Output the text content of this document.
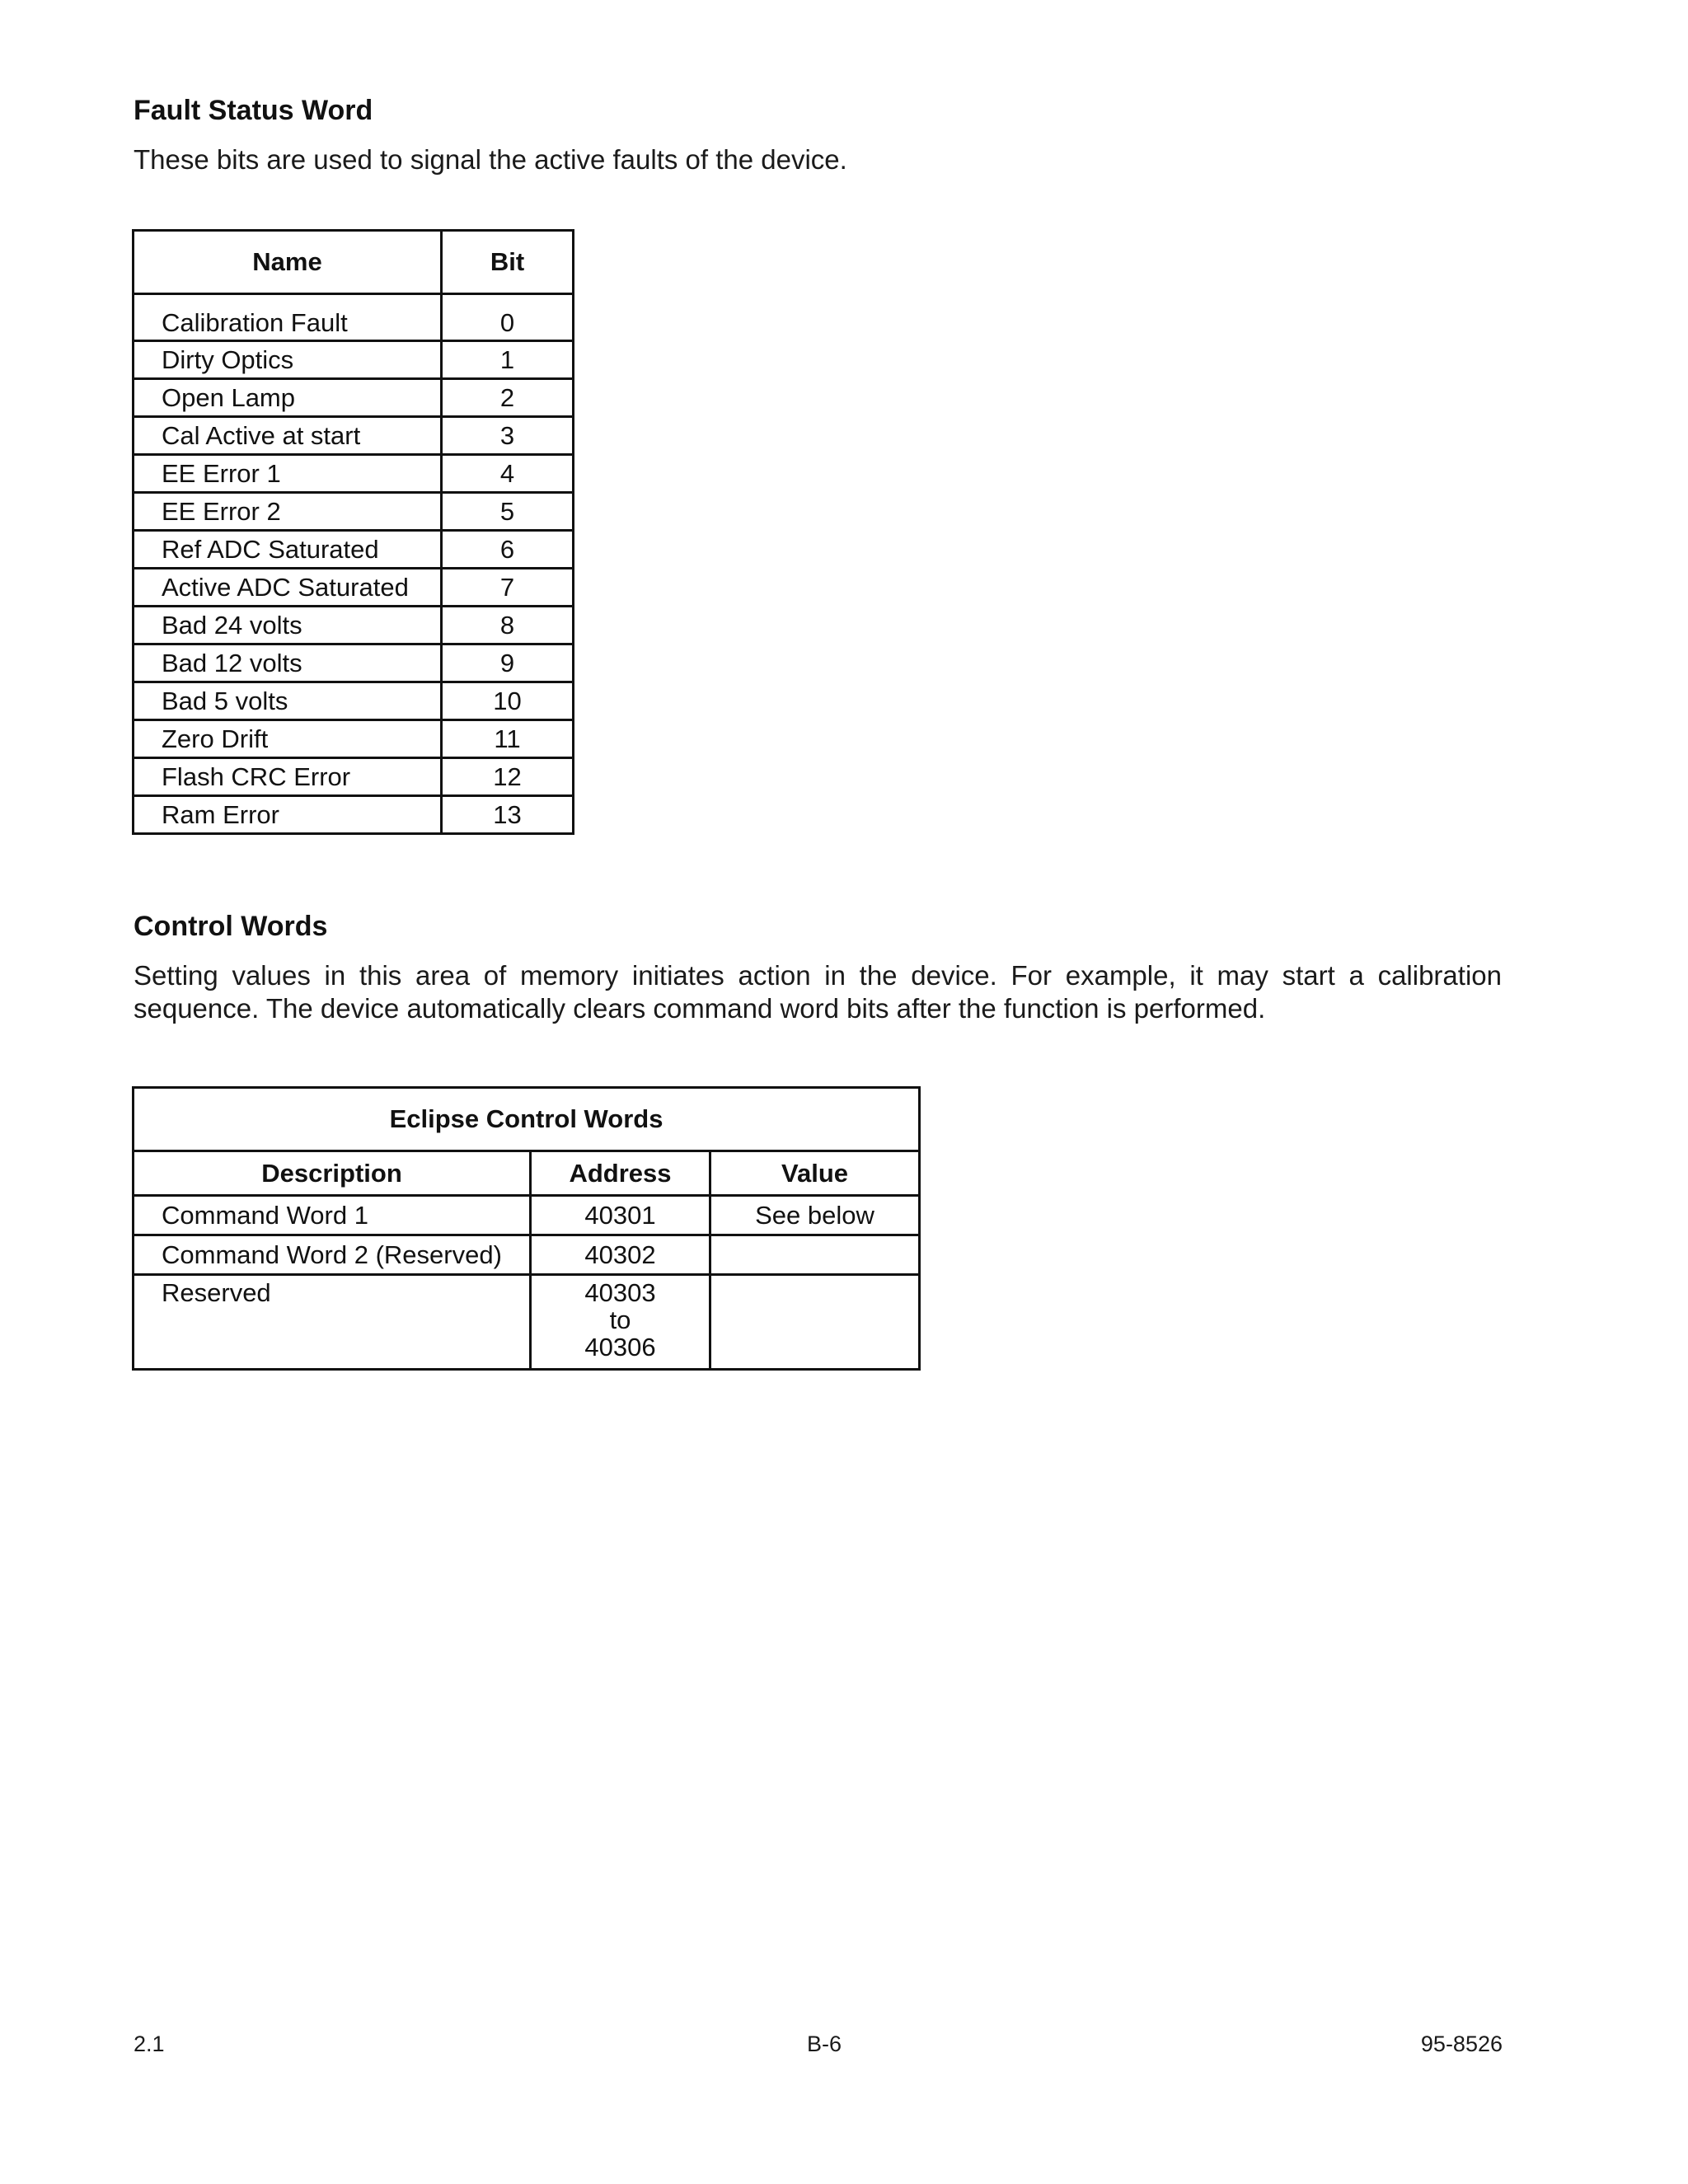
Fault Status Word

These bits are used to signal the active faults of the device.

Name	Bit
Calibration Fault	0
Dirty Optics	1
Open Lamp	2
Cal Active at start	3
EE Error 1	4
EE Error 2	5
Ref ADC Saturated	6
Active ADC Saturated	7
Bad 24 volts	8
Bad 12 volts	9
Bad 5 volts	10
Zero Drift	11
Flash CRC Error	12
Ram Error	13
Control Words

Setting values in this area of memory initiates action in the device. For example, it may start a calibration sequence. The device automatically clears command word bits after the function is performed.

Eclipse Control Words		
Description	Address	Value
Command Word 1	40301	See below
Command Word 2 (Reserved)	40302	
Reserved	40303
to
40306	

2.1	B-6	95-8526
